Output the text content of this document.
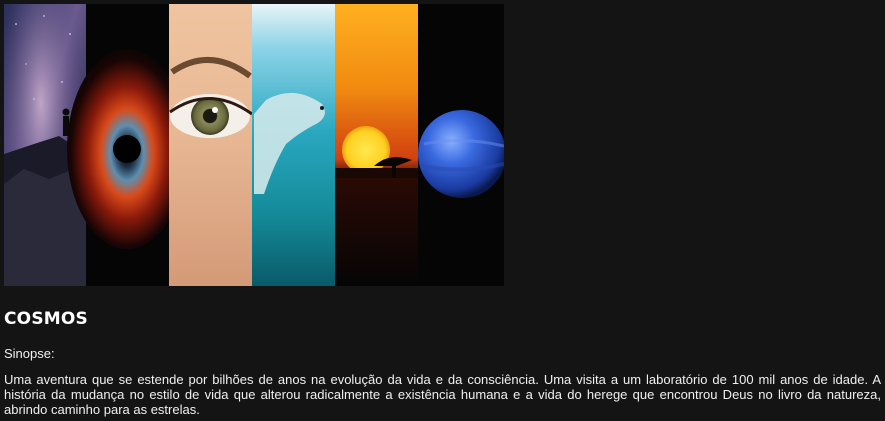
COSMOS

Sinopse:

Uma aventura que se estende por bilhões de anos na evolução da vida e da consciência. Uma visita a um laboratório de 100 mil anos de idade. A história da mudança no estilo de vida que alterou radicalmente a existência humana e a vida do herege que encontrou Deus no livro da natureza, abrindo caminho para as estrelas.
